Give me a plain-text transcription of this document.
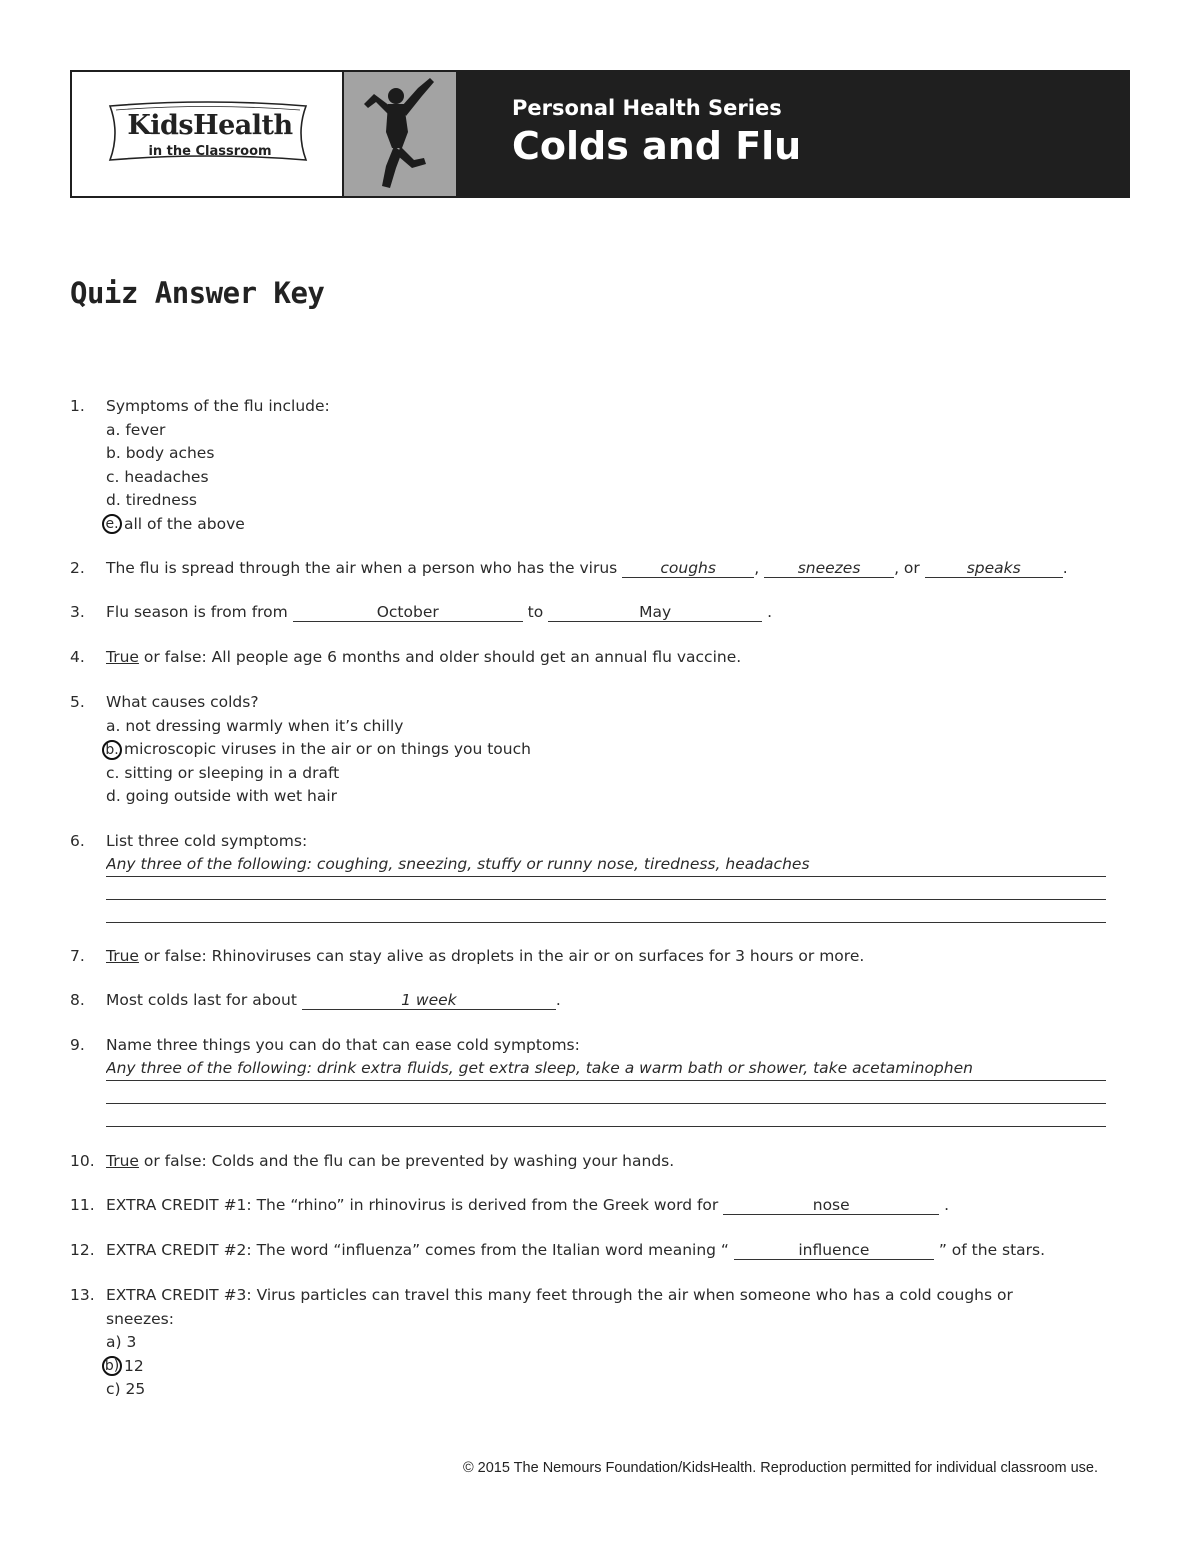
KidsHealth
in the Classroom
Personal Health Series
Colds and Flu
Quiz Answer Key
1. Symptoms of the flu include:
a. fever
b. body aches
c. headaches
d. tiredness
e. all of the above
2. The flu is spread through the air when a person who has the virus	coughs , sneezes , or	speaks	.
3. Flu season is from from	October	to	May	.
4. True or false: All people age 6 months and older should get an annual flu vaccine.
5. What causes colds?
a. not dressing warmly when it’s chilly
b. microscopic viruses in the air or on things you touch
c. sitting or sleeping in a draft
d. going outside with wet hair
6. List three cold symptoms:
Any three of the following: coughing, sneezing, stuffy or runny nose, tiredness, headaches
7. True or false: Rhinoviruses can stay alive as droplets in the air or on surfaces for 3 hours or more.
8. Most colds last for about	1 week	.
9. Name three things you can do that can ease cold symptoms:
Any three of the following: drink extra fluids, get extra sleep, take a warm bath or shower, take acetaminophen
10. True or false: Colds and the flu can be prevented by washing your hands.
11. EXTRA CREDIT #1: The “rhino” in rhinovirus is derived from the Greek word for	nose	.
12. EXTRA CREDIT #2: The word “influenza” comes from the Italian word meaning “	influence	” of the stars.
13. EXTRA CREDIT #3: Virus particles can travel this many feet through the air when someone who has a cold coughs or
sneezes:
a) 3
b) 12
c) 25
© 2015 The Nemours Foundation/KidsHealth. Reproduction permitted for individual classroom use.
